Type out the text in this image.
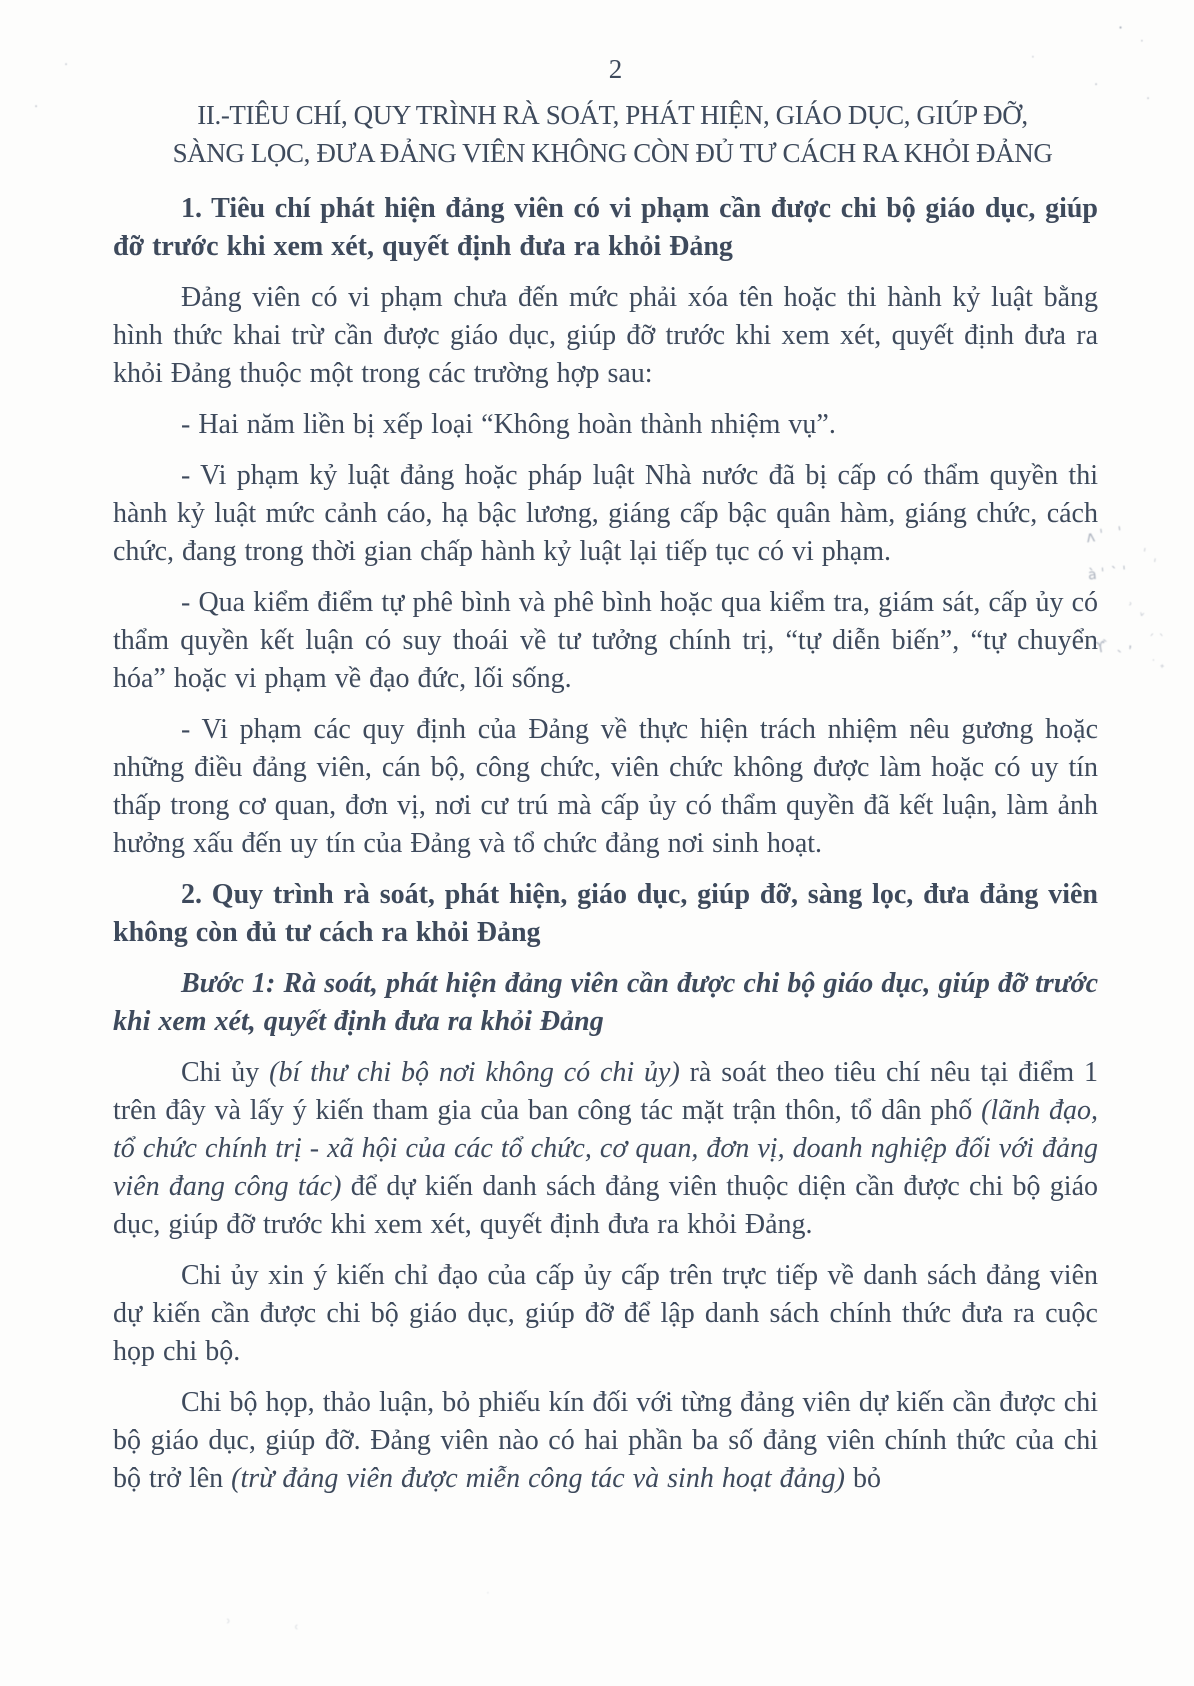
·
·
·
·
·
·
·
ʌ ˈ   ˈ
ˈ  ˌ
à ˈ   ̀ ˈ
˒  ˬ
ˏ ˎ
ϒ ̀ ˎ ,
˙ ˖
˒	˓
·
2
II.-TIÊU CHÍ, QUY TRÌNH RÀ SOÁT, PHÁT HIỆN, GIÁO DỤC, GIÚP ĐỠ,
SÀNG LỌC, ĐƯA ĐẢNG VIÊN KHÔNG CÒN ĐỦ TƯ CÁCH RA KHỎI ĐẢNG

1. Tiêu chí phát hiện đảng viên có vi phạm cần được chi bộ giáo dục, giúp đỡ trước khi xem xét, quyết định đưa ra khỏi Đảng

Đảng viên có vi phạm chưa đến mức phải xóa tên hoặc thi hành kỷ luật bằng hình thức khai trừ cần được giáo dục, giúp đỡ trước khi xem xét, quyết định đưa ra khỏi Đảng thuộc một trong các trường hợp sau:

- Hai năm liền bị xếp loại “Không hoàn thành nhiệm vụ”.

- Vi phạm kỷ luật đảng hoặc pháp luật Nhà nước đã bị cấp có thẩm quyền thi hành kỷ luật mức cảnh cáo, hạ bậc lương, giáng cấp bậc quân hàm, giáng chức, cách chức, đang trong thời gian chấp hành kỷ luật lại tiếp tục có vi phạm.

- Qua kiểm điểm tự phê bình và phê bình hoặc qua kiểm tra, giám sát, cấp ủy có thẩm quyền kết luận có suy thoái về tư tưởng chính trị, “tự diễn biến”, “tự chuyển hóa” hoặc vi phạm về đạo đức, lối sống.

- Vi phạm các quy định của Đảng về thực hiện trách nhiệm nêu gương hoặc những điều đảng viên, cán bộ, công chức, viên chức không được làm hoặc có uy tín thấp trong cơ quan, đơn vị, nơi cư trú mà cấp ủy có thẩm quyền đã kết luận, làm ảnh hưởng xấu đến uy tín của Đảng và tổ chức đảng nơi sinh hoạt.

2. Quy trình rà soát, phát hiện, giáo dục, giúp đỡ, sàng lọc, đưa đảng viên không còn đủ tư cách ra khỏi Đảng

Bước 1: Rà soát, phát hiện đảng viên cần được chi bộ giáo dục, giúp đỡ trước khi xem xét, quyết định đưa ra khỏi Đảng

Chi ủy (bí thư chi bộ nơi không có chi ủy) rà soát theo tiêu chí nêu tại điểm 1 trên đây và lấy ý kiến tham gia của ban công tác mặt trận thôn, tổ dân phố (lãnh đạo, tổ chức chính trị - xã hội của các tổ chức, cơ quan, đơn vị, doanh nghiệp đối với đảng viên đang công tác) để dự kiến danh sách đảng viên thuộc diện cần được chi bộ giáo dục, giúp đỡ trước khi xem xét, quyết định đưa ra khỏi Đảng.

Chi ủy xin ý kiến chỉ đạo của cấp ủy cấp trên trực tiếp về danh sách đảng viên dự kiến cần được chi bộ giáo dục, giúp đỡ để lập danh sách chính thức đưa ra cuộc họp chi bộ.

Chi bộ họp, thảo luận, bỏ phiếu kín đối với từng đảng viên dự kiến cần được chi bộ giáo dục, giúp đỡ. Đảng viên nào có hai phần ba số đảng viên chính thức của chi bộ trở lên (trừ đảng viên được miễn công tác và sinh hoạt đảng) bỏ
